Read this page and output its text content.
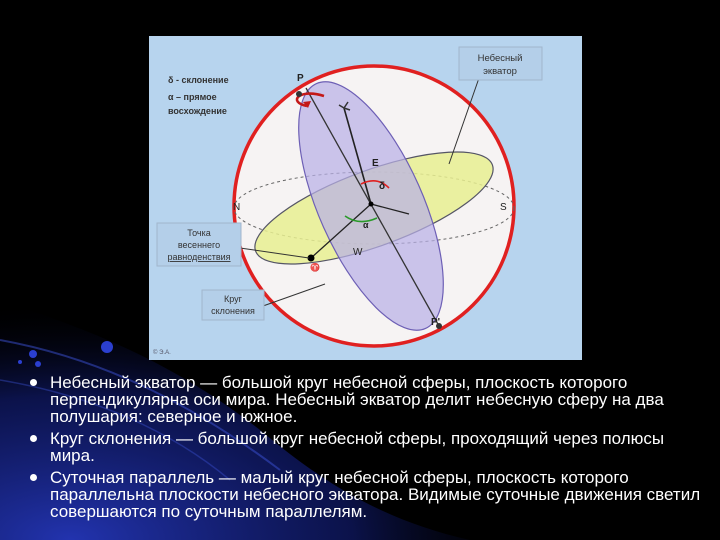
Небесный
экватор
δ - склонение
α – прямое
восхождение
P
E
δ
N	S
α
W
♈
P'
Точка
весеннего
равноденствия
Круг
склонения
© Э.А.
Небесный экватор — большой круг небесной сферы, плоскость которого перпендикулярна оси мира. Небесный экватор делит небесную сферу на два полушария: северное и южное.
Круг склонения — большой круг небесной сферы, проходящий через полюсы мира.
Суточная параллель — малый круг небесной сферы, плоскость которого параллельна плоскости небесного экватора. Видимые суточные движения светил совершаются по суточным параллелям.
